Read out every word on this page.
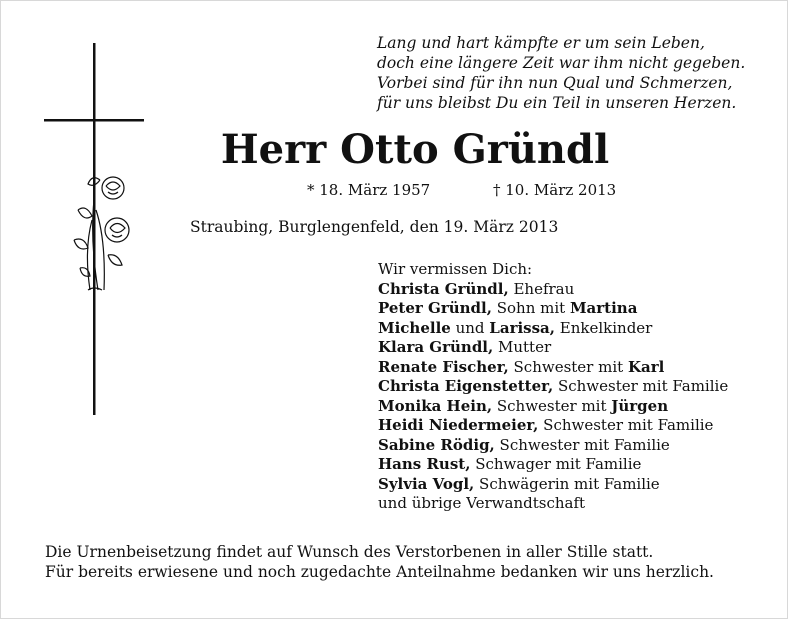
Lang und hart kämpfte er um sein Leben,
doch eine längere Zeit war ihm nicht gegeben.
Vorbei sind für ihn nun Qual und Schmerzen,
für uns bleibst Du ein Teil in unseren Herzen.
Herr Otto Gründl
* 18. März 1957	† 10. März 2013
Straubing, Burglengenfeld, den 19. März 2013
Wir vermissen Dich:
Christa Gründl, Ehefrau
Peter Gründl, Sohn mit Martina
Michelle und Larissa, Enkelkinder
Klara Gründl, Mutter
Renate Fischer, Schwester mit Karl
Christa Eigenstetter, Schwester mit Familie
Monika Hein, Schwester mit Jürgen
Heidi Niedermeier, Schwester mit Familie
Sabine Rödig, Schwester mit Familie
Hans Rust, Schwager mit Familie
Sylvia Vogl, Schwägerin mit Familie
und übrige Verwandtschaft
Die Urnenbeisetzung findet auf Wunsch des Verstorbenen in aller Stille statt.
Für bereits erwiesene und noch zugedachte Anteilnahme bedanken wir uns herzlich.
